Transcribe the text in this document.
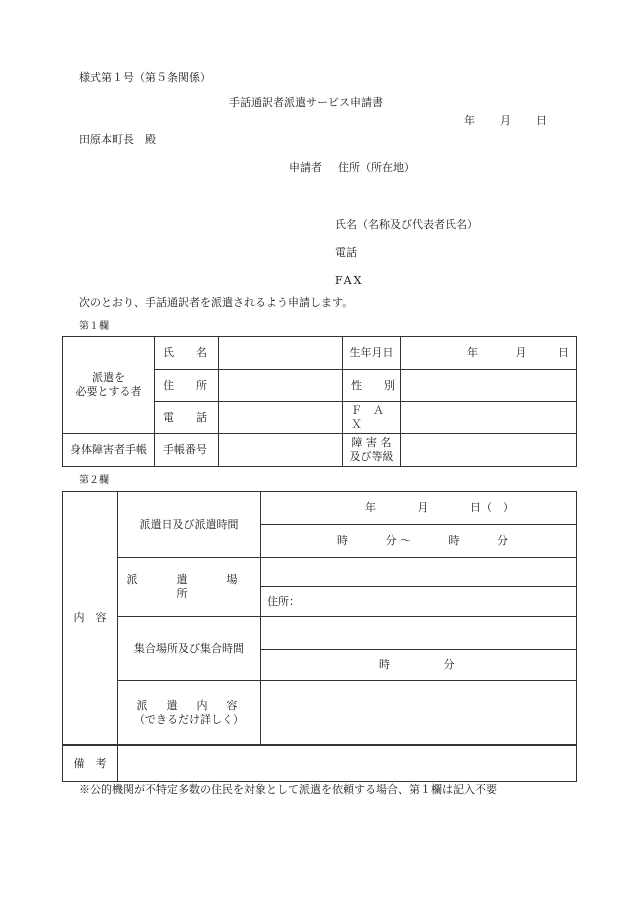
様式第１号（第５条関係）
手話通訳者派遣サービス申請書
年 月 日
田原本町長　殿
申請者 住所（所在地）
氏名（名称及び代表者氏名）
電話
FAX
次のとおり、手話通訳者を派遣されるよう申請します。
第１欄
派遣を
必要とする者	氏　　名		生年月日	年 月 日
	住　　所		性　　別	
	電　　話		Ｆ　Ａ　Ｘ	
身体障害者手帳	手帳番号		障 害 名
及び等級	

第２欄
内　容	派遣日及び派遣時間	年 月 日（　）
		時 分 ～ 時 分
	派　遣　場　所	
		住所：
	集合場所及び集合時間	
		時 分

	派　遣　内　容
（できるだけ詳しく）	

備　考	
※公的機関が不特定多数の住民を対象として派遣を依頼する場合、第１欄は記入不要
